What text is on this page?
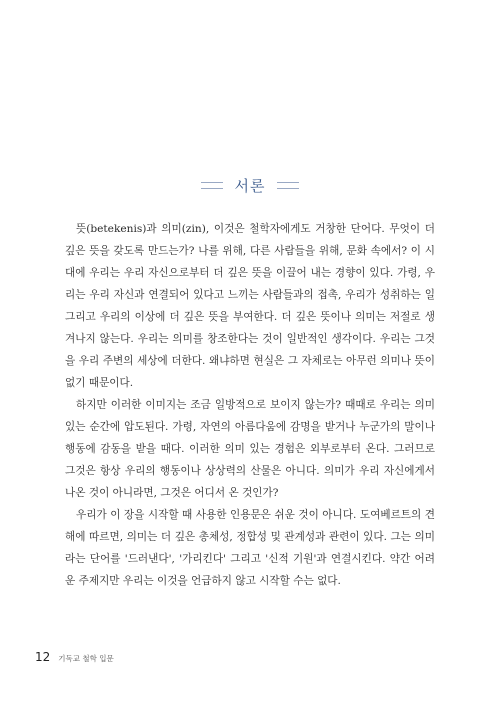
서론

뜻(betekenis)과 의미(zin), 이것은 철학자에게도 거창한 단어다. 무엇이 더 깊은 뜻을 갖도록 만드는가? 나를 위해, 다른 사람들을 위해, 문화 속에서? 이 시대에 우리는 우리 자신으로부터 더 깊은 뜻을 이끌어 내는 경향이 있다. 가령, 우리는 우리 자신과 연결되어 있다고 느끼는 사람들과의 접촉, 우리가 성취하는 일 그리고 우리의 이상에 더 깊은 뜻을 부여한다. 더 깊은 뜻이나 의미는 저절로 생겨나지 않는다. 우리는 의미를 창조한다는 것이 일반적인 생각이다. 우리는 그것을 우리 주변의 세상에 더한다. 왜냐하면 현실은 그 자체로는 아무런 의미나 뜻이 없기 때문이다.

하지만 이러한 이미지는 조금 일방적으로 보이지 않는가? 때때로 우리는 의미 있는 순간에 압도된다. 가령, 자연의 아름다움에 감명을 받거나 누군가의 말이나 행동에 감동을 받을 때다. 이러한 의미 있는 경험은 외부로부터 온다. 그러므로 그것은 항상 우리의 행동이나 상상력의 산물은 아니다. 의미가 우리 자신에게서 나온 것이 아니라면, 그것은 어디서 온 것인가?

우리가 이 장을 시작할 때 사용한 인용문은 쉬운 것이 아니다. 도여베르트의 견해에 따르면, 의미는 더 깊은 총체성, 정합성 및 관계성과 관련이 있다. 그는 의미라는 단어를 '드러낸다', '가리킨다' 그리고 '신적 기원'과 연결시킨다. 약간 어려운 주제지만 우리는 이것을 언급하지 않고 시작할 수는 없다.

12 기독교 철학 입문
